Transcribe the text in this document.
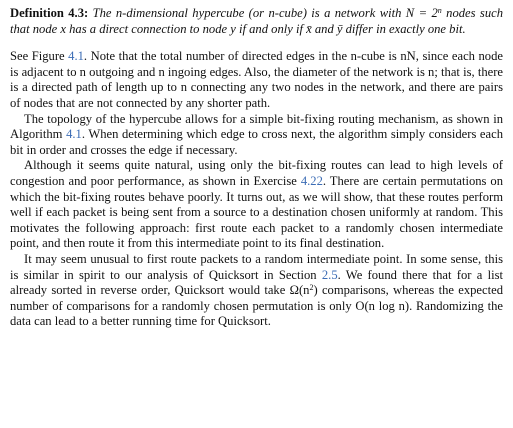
Definition 4.3: The n-dimensional hypercube (or n-cube) is a network with $N = 2^n$ nodes such that node x has a direct connection to node y if and only if x̄ and ȳ differ in exactly one bit.

See Figure 4.1. Note that the total number of directed edges in the n-cube is nN, since each node is adjacent to n outgoing and n ingoing edges. Also, the diameter of the network is n; that is, there is a directed path of length up to n connecting any two nodes in the network, and there are pairs of nodes that are not connected by any shorter path.

The topology of the hypercube allows for a simple bit-fixing routing mechanism, as shown in Algorithm 4.1. When determining which edge to cross next, the algorithm simply considers each bit in order and crosses the edge if necessary.

Although it seems quite natural, using only the bit-fixing routes can lead to high levels of congestion and poor performance, as shown in Exercise 4.22. There are certain permutations on which the bit-fixing routes behave poorly. It turns out, as we will show, that these routes perform well if each packet is being sent from a source to a destination chosen uniformly at random. This motivates the following approach: first route each packet to a randomly chosen intermediate point, and then route it from this intermediate point to its final destination.

It may seem unusual to first route packets to a random intermediate point. In some sense, this is similar in spirit to our analysis of Quicksort in Section 2.5. We found there that for a list already sorted in reverse order, Quicksort would take $\Omega(n^2)$ comparisons, whereas the expected number of comparisons for a randomly chosen permutation is only O(n log n). Randomizing the data can lead to a better running time for Quicksort.
